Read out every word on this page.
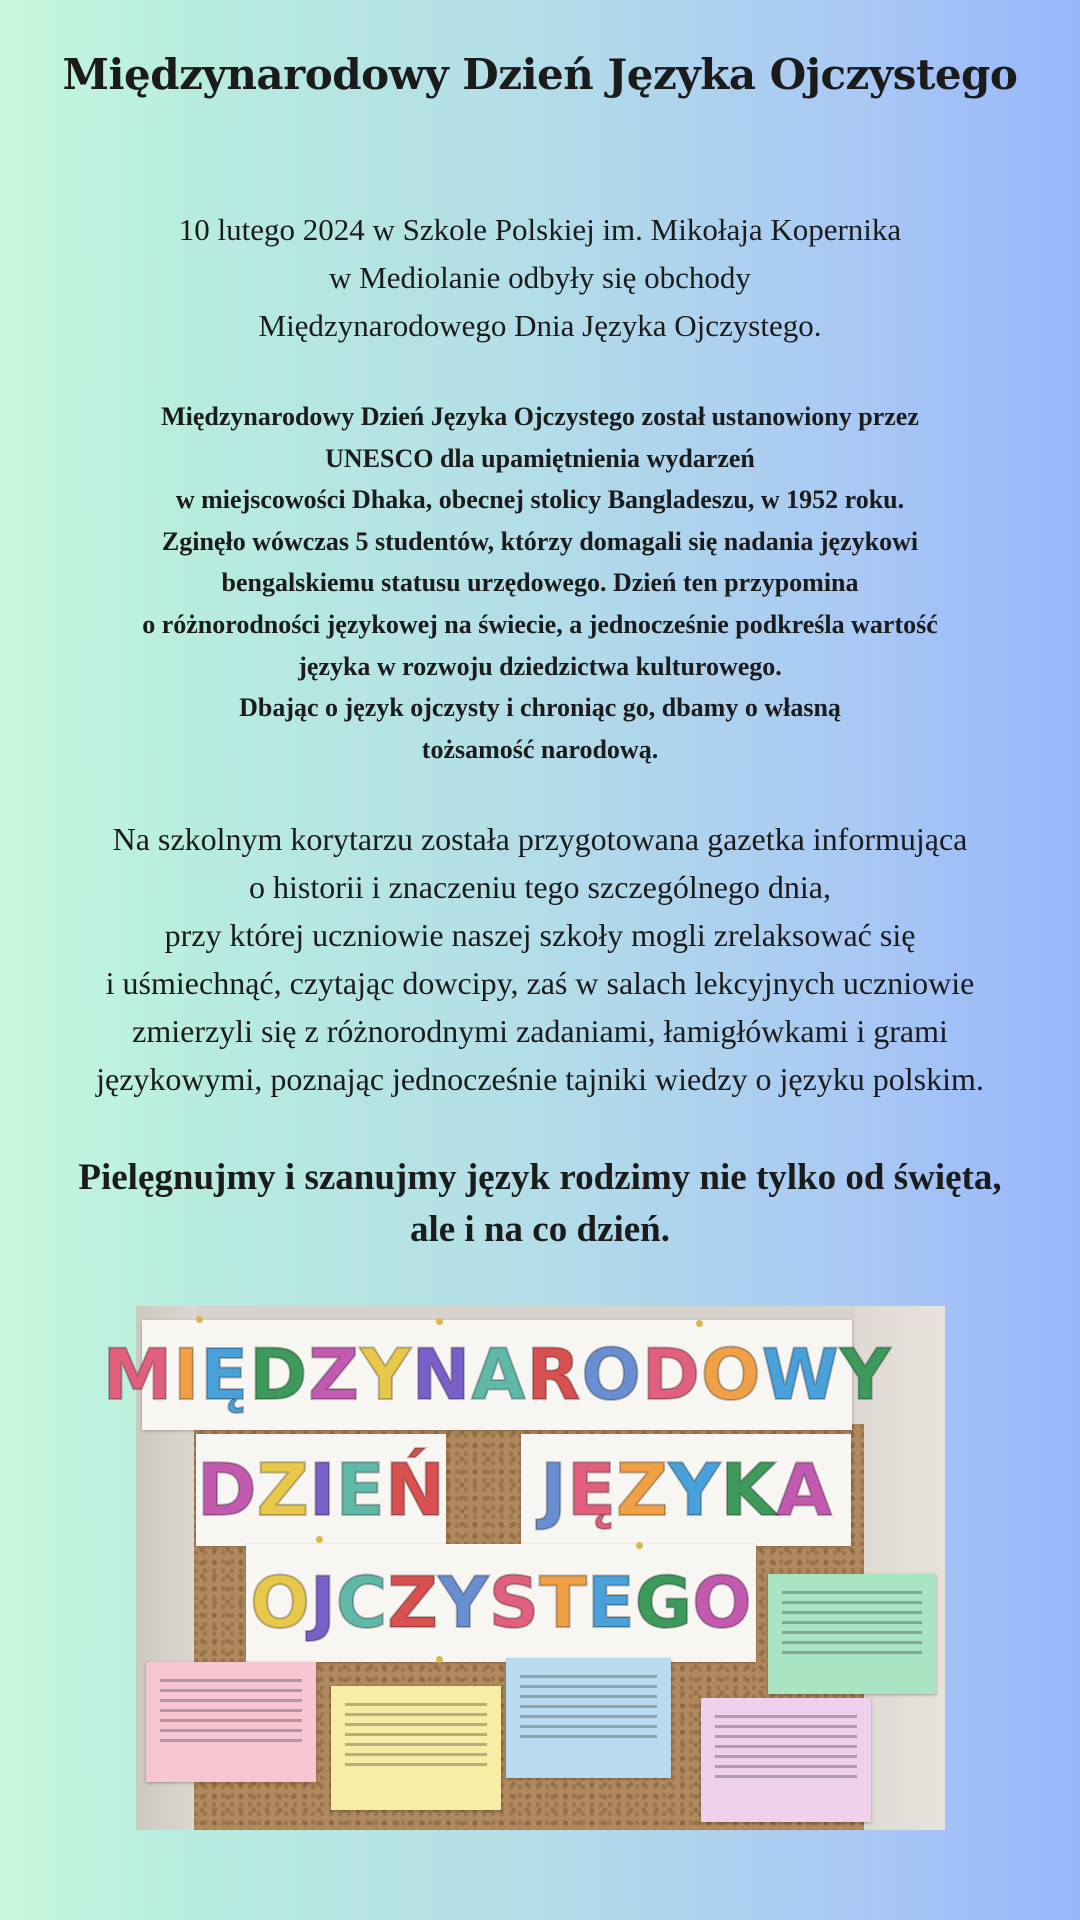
Międzynarodowy Dzień Języka Ojczystego
10 lutego 2024 w Szkole Polskiej im. Mikołaja Kopernika
w Mediolanie odbyły się obchody
Międzynarodowego Dnia Języka Ojczystego.
Międzynarodowy Dzień Języka Ojczystego został ustanowiony przez
UNESCO dla upamiętnienia wydarzeń
w miejscowości Dhaka, obecnej stolicy Bangladeszu, w 1952 roku.
Zginęło wówczas 5 studentów, którzy domagali się nadania językowi
bengalskiemu statusu urzędowego. Dzień ten przypomina
o różnorodności językowej na świecie, a jednocześnie podkreśla wartość
języka w rozwoju dziedzictwa kulturowego.
Dbając o język ojczysty i chroniąc go, dbamy o własną
tożsamość narodową.
Na szkolnym korytarzu została przygotowana gazetka informująca
o historii i znaczeniu tego szczególnego dnia,
przy której uczniowie naszej szkoły mogli zrelaksować się
i uśmiechnąć, czytając dowcipy, zaś w salach lekcyjnych uczniowie
zmierzyli się z różnorodnymi zadaniami, łamigłówkami i grami
językowymi, poznając jednocześnie tajniki wiedzy o języku polskim.
Pielęgnujmy i szanujmy język rodzimy nie tylko od święta,
ale i na co dzień.
MIĘDZYNARODOWY
DZIEŃ JĘZYKA
OJCZYSTEGO
